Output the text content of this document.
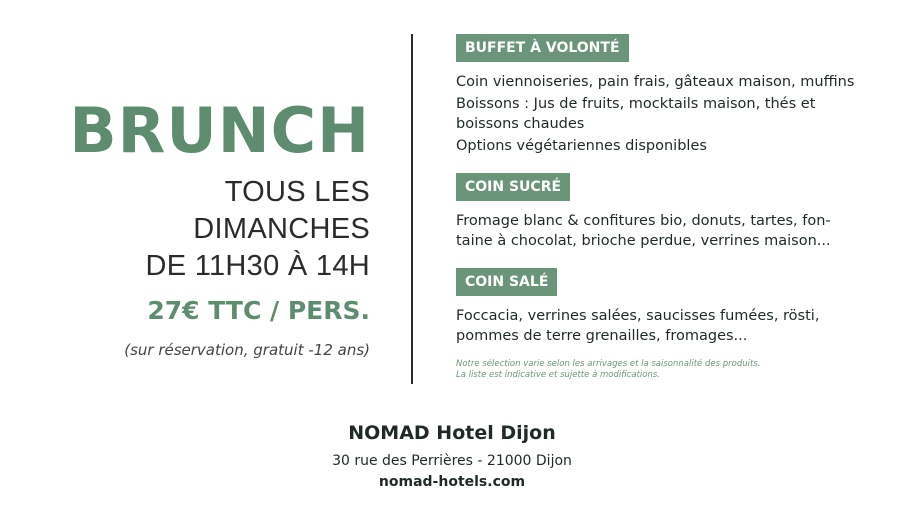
BRUNCH
TOUS LES DIMANCHES
DE 11H30 À 14H
27€ TTC / PERS.
(sur réservation, gratuit -12 ans)
BUFFET À VOLONTÉ
Coin viennoiseries, pain frais, gâteaux maison, muffins
Boissons : Jus de fruits, mocktails maison, thés et
boissons chaudes
Options végétariennes disponibles
COIN SUCRÉ
Fromage blanc & confitures bio, donuts, tartes, fon-
taine à chocolat, brioche perdue, verrines maison...
COIN SALÉ
Foccacia, verrines salées, saucisses fumées, rösti,
pommes de terre grenailles, fromages...
Notre sélection varie selon les arrivages et la saisonnalité des produits.
La liste est indicative et sujette à modifications.
NOMAD Hotel Dijon
30 rue des Perrières - 21000 Dijon
nomad-hotels.com
